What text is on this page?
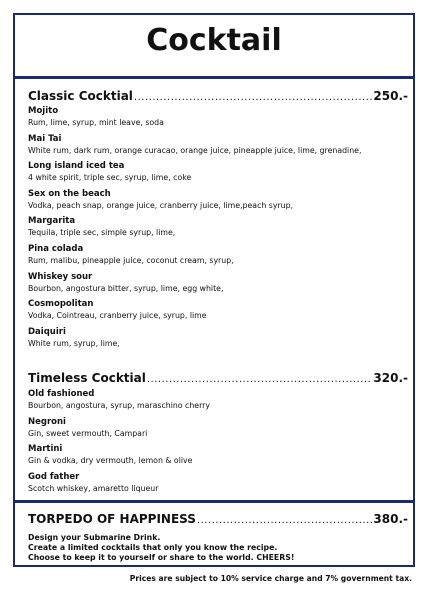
Cocktail
Classic Cocktial .....	250.-
Mojito
Rum, lime, syrup, mint leave, soda
Mai Tai
White rum, dark rum, orange curacao, orange juice, pineapple juice, lime, grenadine,
Long island iced tea
4 white spirit, triple sec, syrup, lime, coke
Sex on the beach
Vodka, peach snap, orange juice, cranberry juice, lime,peach syrup,
Margarita
Tequila, triple sec, simple syrup, lime,
Pina colada
Rum, malibu, pineapple juice, coconut cream, syrup,
Whiskey sour
Bourbon, angostura bitter, syrup, lime, egg white,
Cosmopolitan
Vodka, Cointreau, cranberry juice, syrup, lime
Daiquiri
White rum, syrup, lime,
Timeless Cocktial .....	320.-
Old fashioned
Bourbon, angostura, syrup, maraschino cherry
Negroni
Gin, sweet vermouth, Campari
Martini
Gin & vodka, dry vermouth, lemon & olive
God father
Scotch whiskey, amaretto liqueur
TORPEDO OF HAPPINESS .....	380.-
Design your Submarine Drink.
Create a limited cocktails that only you know the recipe.
Choose to keep it to yourself or share to the world. CHEERS!
Prices are subject to 10% service charge and 7% government tax.
